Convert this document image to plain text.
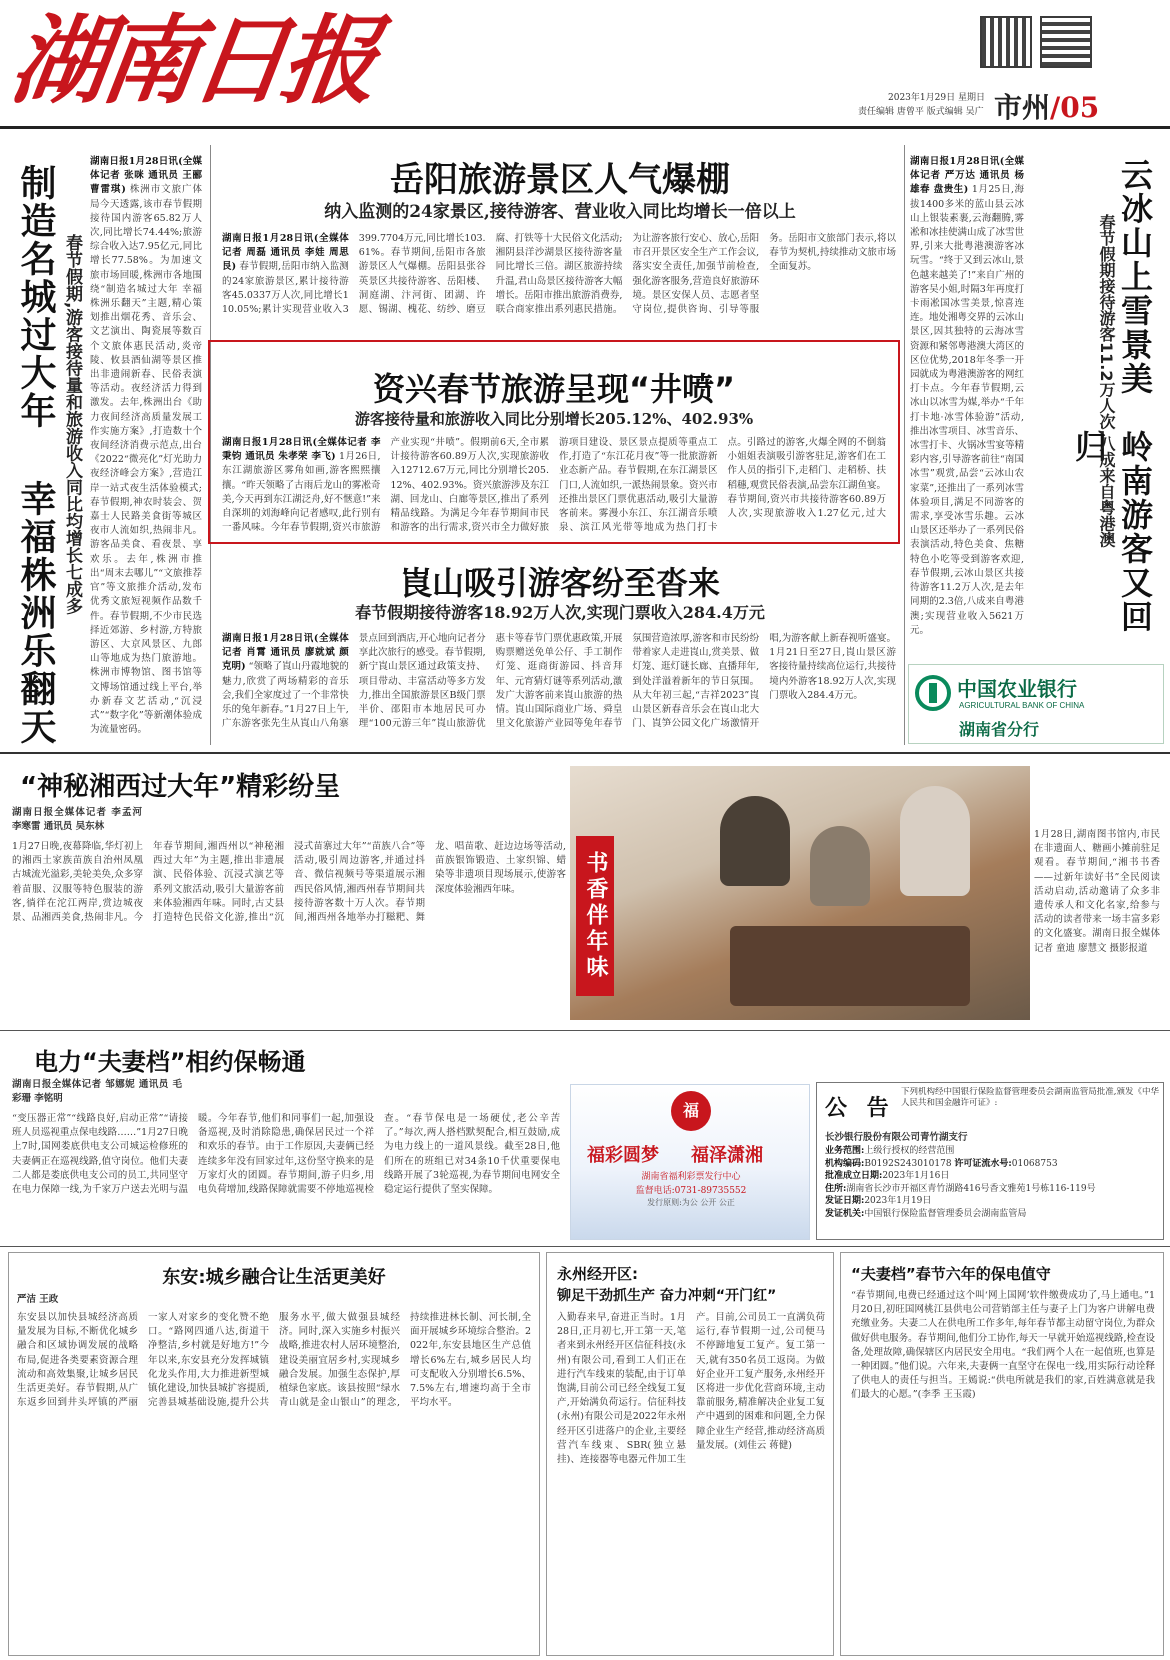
湖南日报	2023年1月29日 星期日
责任编辑 唐曾平 版式编辑 吴广 市州/05
制造名城过大年
幸福株洲乐翻天 春节假期,游客接待量和旅游收入同比均增长七成多
湖南日报1月28日讯(全媒体记者 张咪 通讯员 王郦 曹雷琪) 株洲市文旅广体局今天透露,该市春节假期接待国内游客65.82万人次,同比增长74.44%;旅游综合收入达7.95亿元,同比增长77.58%。为加速文旅市场回暖,株洲市各地围绕“制造名城过大年 幸福株洲乐翻天”主题,精心策划推出烟花秀、音乐会、文艺演出、陶瓷展等数百个文旅体惠民活动,炎帝陵、攸县酒仙湖等景区推出非遗闹新春、民俗表演等活动。夜经济活力得到激发。去年,株洲出台《助力夜间经济高质量发展工作实施方案》,打造数十个夜间经济消费示范点,出台《2022“微亮化”灯光助力夜经济峰会方案》,营造江岸一站式夜生活体验模式;春节假期,神农时装会、贺嘉士人民路美食街等城区夜市人流如织,热闹非凡。游客品美食、看夜景、享欢乐。去年,株洲市推出“周末去哪儿”“文旅推荐官”等文旅推介活动,发布优秀文旅短视频作品数千件。春节假期,不少市民选择近郊游、乡村游,方特旅游区、大京风景区、九郎山等地成为热门旅游地。株洲市博物馆、图书馆等文博场馆通过线上平台,举办新春文艺活动,“沉浸式”“数字化”等新潮体验成为流量密码。
岳阳旅游景区人气爆棚
纳入监测的24家景区,接待游客、营业收入同比均增长一倍以上
湖南日报1月28日讯(全媒体记者 周磊 通讯员 李娃 周思艮) 春节假期,岳阳市纳入监测的24家旅游景区,累计接待游客45.0337万人次,同比增长110.05%;累计实现营业收入3399.7704万元,同比增长103.61%。春节期间,岳阳市各旅游景区人气爆棚。岳阳县张谷英景区共接待游客、岳阳楼、洞庭湖、汴河街、团湖、许愿、锡湖、槐花、纺纱、磨豆腐、打铁等十大民俗文化活动;湘阴县洋沙湖景区接待游客量同比增长三倍。湖区旅游持续升温,君山岛景区接待游客大幅增长。岳阳市推出旅游消费券,联合商家推出系列惠民措施。为让游客旅行安心、放心,岳阳市召开景区安全生产工作会议,落实安全责任,加强节前检查,强化游客服务,营造良好旅游环境。景区安保人员、志愿者坚守岗位,提供咨询、引导等服务。岳阳市文旅部门表示,将以春节为契机,持续推动文旅市场全面复苏。
资兴春节旅游呈现“井喷”
游客接待量和旅游收入同比分别增长205.12%、402.93%
湖南日报1月28日讯(全媒体记者 李秉钧 通讯员 朱孝荣 李飞) 1月26日,东江湖旅游区雾角如画,游客熙熙攘攘。“昨天领略了古雨后龙山的雾凇奇美,今天再到东江湖泛舟,好不惬意!”来自深圳的刘海峰向记者感叹,此行别有一番风味。今年春节假期,资兴市旅游产业实现“井喷”。假期前6天,全市累计接待游客60.89万人次,实现旅游收入12712.67万元,同比分别增长205.12%、402.93%。资兴旅游涉及东江湖、回龙山、白廊等景区,推出了系列精品线路。为满足今年春节期间市民和游客的出行需求,资兴市全力做好旅游项目建设、景区景点提质等重点工作,打造了“东江花月夜”等一批旅游新业态新产品。春节假期,在东江湖景区门口,人流如织,一派热闹景象。资兴市还推出景区门票优惠活动,吸引大量游客前来。雾漫小东江、东江湖音乐喷泉、滨江风光带等地成为热门打卡点。引路过的游客,火爆全网的不倒翁小姐姐表演吸引游客驻足,游客们在工作人员的指引下,走稻门、走稻桥、扶稻穗,观赏民俗表演,品尝东江湖鱼宴。春节期间,资兴市共接待游客60.89万人次,实现旅游收入1.27亿元,过大
崀山吸引游客纷至沓来
春节假期接待游客18.92万人次,实现门票收入284.4万元
湖南日报1月28日讯(全媒体记者 肖霄 通讯员 廖就斌 颜克明) “领略了崀山丹霞地貌的魅力,欣赏了两场精彩的音乐会,我们全家度过了一个非常快乐的兔年新春。”1月27日上午,广东游客张先生从崀山八角寨景点回到酒店,开心地向记者分享此次旅行的感受。春节假期,新宁崀山景区通过政策支持、项目带动、丰富活动等多方发力,推出全国旅游景区B级门票半价、邵阳市本地居民可办理“100元游三年”崀山旅游优惠卡等春节门票优惠政策,开展购票赠送免单公仔、手工制作灯笼、逛商街游园、抖音拜年、元宵猜灯谜等系列活动,激发广大游客前来崀山旅游的热情。崀山国际商业广场、舜皇里文化旅游产业园等兔年春节氛围营造浓厚,游客和市民纷纷带着家人走进崀山,赏美景、做灯笼、逛灯谜长廊、直播拜年,到处洋溢着新年的节日氛围。从大年初三起,“吉祥2023”崀山景区新春音乐会在崀山北大门、崀笋公园文化广场激情开唱,为游客献上新春视听盛宴。1月21日至27日,崀山景区游客接待量持续高位运行,共接待境内外游客18.92万人次,实现门票收入284.4万元。
湖南日报1月28日讯(全媒体记者 严万达 通讯员 杨雄春 盘贵生) 1月25日,海拔1400多米的蓝山县云冰山上银装素裹,云海翻腾,雾凇和冰挂使满山成了冰雪世界,引来大批粤港澳游客冰玩雪。“终于又到云冰山,景色越来越美了!”来自广州的游客吴小姐,时隔3年再度打卡雨凇国冰雪美景,惊喜连连。地处湘粤交界的云冰山景区,因其独特的云海冰雪资源和紧邻粤港澳大湾区的区位优势,2018年冬季一开园就成为粤港澳游客的网红打卡点。今年春节假期,云冰山以冰雪为媒,举办“千年打卡地·冰雪体验游”活动,推出冰雪项目、冰雪音乐、冰雪打卡、火锅冰雪宴等精彩内容,引导游客前往“南国冰雪”观赏,品尝“云冰山农家菜”,还推出了一系列冰雪体验项目,满足不同游客的需求,享受冰雪乐趣。云冰山景区还举办了一系列民俗表演活动,特色美食、焦糖特色小吃等受到游客欢迎,春节假期,云冰山景区共接待游客11.2万人次,是去年同期的2.3倍,八成来自粤港澳;实现营业收入5621万元。
云冰山上雪景美
岭南游客又回归
春节假期接待游客11.2万人次,八成来自粤港澳
中国农业银行
AGRICULTURAL BANK OF CHINA
湖南省分行
“神秘湘西过大年”精彩纷呈
湖南日报全媒体记者 李孟河 李寒雷 通讯员 吴东林
1月27日晚,夜幕降临,华灯初上的湘西土家族苗族自治州凤凰古城流光溢彩,美轮美奂,众多穿着苗服、汉服等特色服装的游客,徜徉在沱江两岸,赏边城夜景、品湘西美食,热闹非凡。今年春节期间,湘西州以“神秘湘西过大年”为主题,推出非遗展演、民俗体验、沉浸式演艺等系列文旅活动,吸引大量游客前来体验湘西年味。同时,古丈县打造特色民俗文化游,推出“沉浸式苗寨过大年”“苗族八合”等活动,吸引周边游客,并通过抖音、微信视频号等渠道展示湘西民俗风情,湘西州春节期间共接待游客数十万人次。春节期间,湘西州各地举办打糍粑、舞龙、唱苗歌、赶边边场等活动,苗族银饰锻造、土家织锦、蜡染等非遗项目现场展示,使游客深度体验湘西年味。	书香伴年味
1月28日,湖南图书馆内,市民在非遗面人、糖画小摊前驻足观看。春节期间,“湘书书香——过新年读好书”全民阅读活动启动,活动邀请了众多非遗传承人和文化名家,给参与活动的读者带来一场丰富多彩的文化盛宴。湖南日报全媒体记者 童迪 廖慧文 摄影报道
电力“夫妻档”相约保畅通
湖南日报全媒体记者 邹娜妮 通讯员 毛彩珊 李铭明
“变压器正常”“线路良好,启动正常”“请接班人员巡视重点保电线路……”1月27日晚上7时,国网娄底供电支公司城运检修班的夫妻俩正在巡视线路,值守岗位。他们夫妻二人都是娄底供电支公司的员工,共同坚守在电力保障一线,为千家万户送去光明与温暖。今年春节,他们和同事们一起,加强设备巡视,及时消除隐患,确保居民过一个祥和欢乐的春节。由于工作原因,夫妻俩已经连续多年没有回家过年,这份坚守换来的是万家灯火的团圆。春节期间,游子归乡,用电负荷增加,线路保障就需要不停地巡视检查。“春节保电是一场硬仗,老公辛苦了。”每次,两人搭档默契配合,相互鼓励,成为电力线上的一道风景线。截至28日,他们所在的班组已对34条10千伏重要保电线路开展了3轮巡视,为春节期间电网安全稳定运行提供了坚实保障。
福
福彩圆梦 福泽潇湘
湖南省福利彩票发行中心
监督电话:0731-89735552
发行原则:为公 公开 公正
公 告
下列机构经中国银行保险监督管理委员会湖南监管局批准,颁发《中华人民共和国金融许可证》:
长沙银行股份有限公司青竹湖支行
业务范围:上级行授权的经营范围
机构编码:B0192S243010178 许可证流水号:01068753
批准成立日期:2023年1月16日
住所:湖南省长沙市开福区青竹湖路416号香文雅苑1号栋116-119号
发证日期:2023年1月19日
发证机关:中国银行保险监督管理委员会湖南监管局
东安:城乡融合让生活更美好
严洁 王政
东安县以加快县城经济高质量发展为目标,不断优化城乡融合和区域协调发展的战略布局,促进各类要素资源合理流动和高效集聚,让城乡居民生活更美好。春节假期,从广东返乡回到井头坪镇的严丽一家人对家乡的变化赞不绝口。“路网四通八达,街道干净整洁,乡村就是好地方!”今年以来,东安县充分发挥城镇化龙头作用,大力推进新型城镇化建设,加快县城扩容提质,完善县城基础设施,提升公共服务水平,做大做强县城经济。同时,深入实施乡村振兴战略,推进农村人居环境整治,建设美丽宜居乡村,实现城乡融合发展。加强生态保护,厚植绿色家底。该县按照“绿水青山就是金山银山”的理念,持续推进林长制、河长制,全面开展城乡环境综合整治。2022年,东安县地区生产总值增长6%左右,城乡居民人均可支配收入分别增长6.5%、7.5%左右,增速均高于全市平均水平。
永州经开区:
铆足干劲抓生产 奋力冲刺“开门红”
入勤春来早,奋进正当时。1月28日,正月初七,开工第一天,笔者来到永州经开区信征科技(永州)有限公司,看到工人们正在进行汽车线束的装配,由于订单饱满,目前公司已经全线复工复产,开始满负荷运行。信征科技(永州)有限公司是2022年永州经开区引进落户的企业,主要经营汽车线束、SBR(独立悬挂)、连接器等电器元件加工生产。目前,公司员工一直满负荷运行,春节假期一过,公司便马不停蹄地复工复产。复工第一天,就有350名员工返岗。为做好企业开工复产服务,永州经开区将进一步优化营商环境,主动靠前服务,精准解决企业复工复产中遇到的困难和问题,全力保障企业生产经营,推动经济高质量发展。(刘佳云 蒋健)
“夫妻档”春节六年的保电值守
“春节期间,电费已经通过这个叫‘网上国网’软件缴费成功了,马上通电。”1月20日,初旺国网桃江县供电公司营销部主任与妻子上门为客户讲解电费充缴业务。夫妻二人在供电所工作多年,每年春节都主动留守岗位,为群众做好供电服务。春节期间,他们分工协作,每天一早就开始巡视线路,检查设备,处理故障,确保辖区内居民安全用电。“我们两个人在一起值班,也算是一种团圆。”他们说。六年来,夫妻俩一直坚守在保电一线,用实际行动诠释了供电人的责任与担当。王嫣说:“供电所就是我们的家,百姓满意就是我们最大的心愿。”(李季 王玉霞)
